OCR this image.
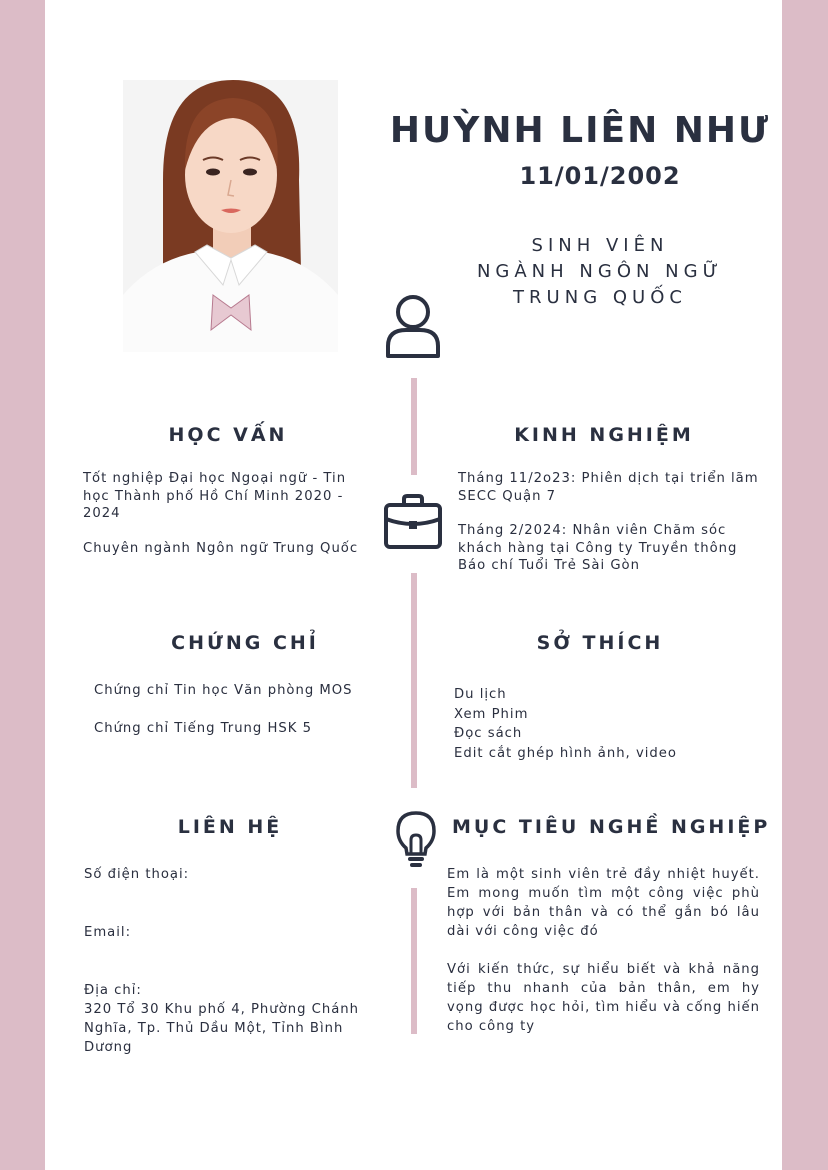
HUỲNH LIÊN NHƯ
11/01/2002
SINH VIÊN
NGÀNH NGÔN NGỮ
TRUNG QUỐC
HỌC VẤN

Tốt nghiệp Đại học Ngoại ngữ - Tin học Thành phố Hồ Chí Minh 2020 - 2024

Chuyên ngành Ngôn ngữ Trung Quốc

KINH NGHIỆM

Tháng 11/2o23: Phiên dịch tại triển lãm SECC Quận 7

Tháng 2/2024: Nhân viên Chăm sóc khách hàng tại Công ty Truyền thông Báo chí Tuổi Trẻ Sài Gòn

CHỨNG CHỈ

Chứng chỉ Tin học Văn phòng MOS

Chứng chỉ Tiếng Trung HSK 5

SỞ THÍCH

Du lịch

Xem Phim

Đọc sách

Edit cắt ghép hình ảnh, video

LIÊN HỆ

Số điện thoại:

Email:

Địa chỉ:

320 Tổ 30 Khu phố 4, Phường Chánh Nghĩa, Tp. Thủ Dầu Một, Tỉnh Bình Dương

MỤC TIÊU NGHỀ NGHIỆP

Em là một sinh viên trẻ đầy nhiệt huyết. Em mong muốn tìm một công việc phù hợp với bản thân và có thể gắn bó lâu dài với công việc đó

Với kiến thức, sự hiểu biết và khả năng tiếp thu nhanh của bản thân, em hy vọng được học hỏi, tìm hiểu và cống hiến cho công ty
